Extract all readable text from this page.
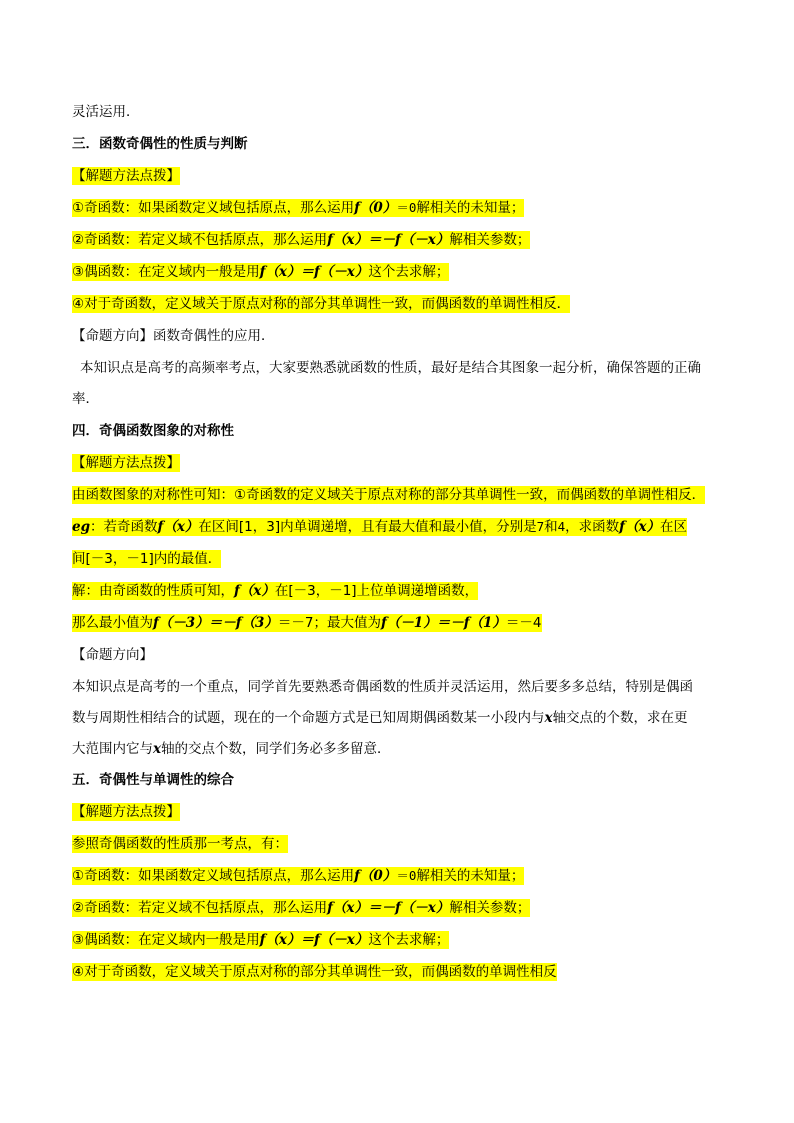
灵活运用．
三．函数奇偶性的性质与判断
【解题方法点拨】
①奇函数：如果函数定义域包括原点，那么运用f（0）＝0解相关的未知量；
②奇函数：若定义域不包括原点，那么运用f（x）＝－f（－x）解相关参数；
③偶函数：在定义域内一般是用f（x）＝f（－x）这个去求解；
④对于奇函数，定义域关于原点对称的部分其单调性一致，而偶函数的单调性相反．
【命题方向】函数奇偶性的应用．
本知识点是高考的高频率考点，大家要熟悉就函数的性质，最好是结合其图象一起分析，确保答题的正确
率．
四．奇偶函数图象的对称性
【解题方法点拨】
由函数图象的对称性可知：①奇函数的定义域关于原点对称的部分其单调性一致，而偶函数的单调性相反．
eg：若奇函数f（x）在区间[1，3]内单调递增，且有最大值和最小值，分别是7和4，求函数f（x）在区
间[－3，－1]内的最值．
解：由奇函数的性质可知，f（x）在[－3，－1]上位单调递增函数，
那么最小值为f（－3）＝－f（3）＝－7；最大值为f（－1）＝－f（1）＝－4
【命题方向】
本知识点是高考的一个重点，同学首先要熟悉奇偶函数的性质并灵活运用，然后要多多总结，特别是偶函
数与周期性相结合的试题，现在的一个命题方式是已知周期偶函数某一小段内与x轴交点的个数，求在更
大范围内它与x轴的交点个数，同学们务必多多留意．
五．奇偶性与单调性的综合
【解题方法点拨】
参照奇偶函数的性质那一考点，有：
①奇函数：如果函数定义域包括原点，那么运用f（0）＝0解相关的未知量；
②奇函数：若定义域不包括原点，那么运用f（x）＝－f（－x）解相关参数；
③偶函数：在定义域内一般是用f（x）＝f（－x）这个去求解；
④对于奇函数，定义域关于原点对称的部分其单调性一致，而偶函数的单调性相反
